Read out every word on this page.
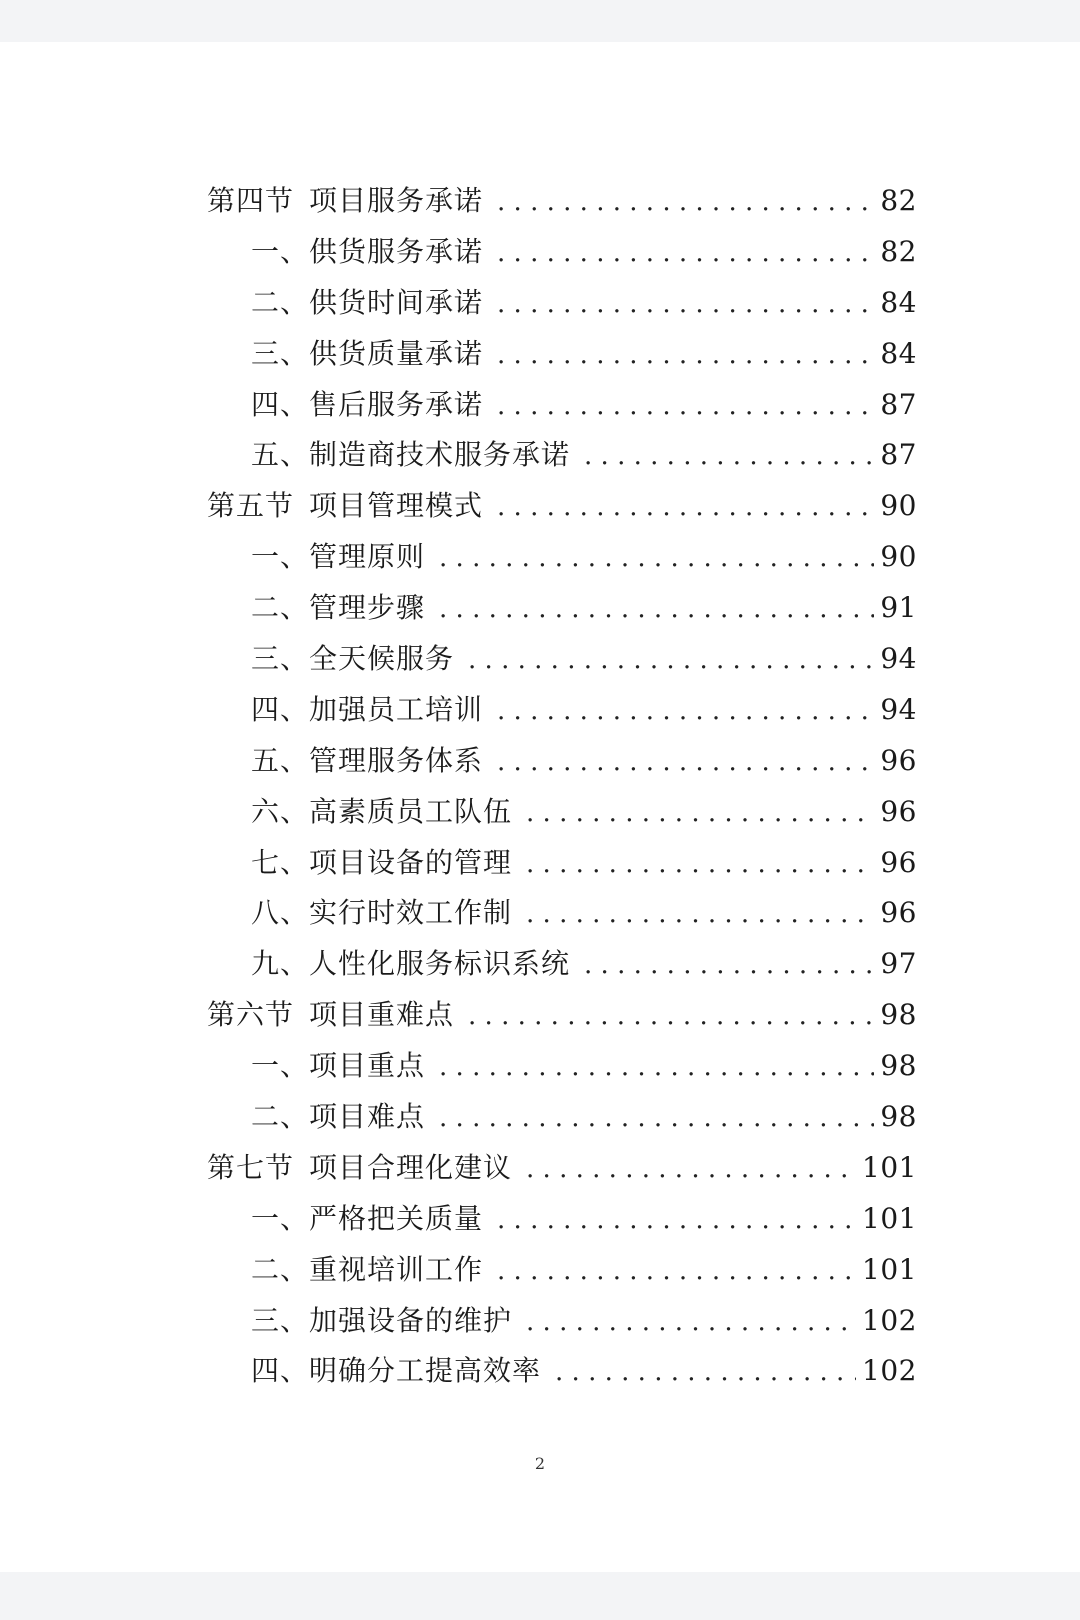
第四节 项目服务承诺 . . .	82
一、供货服务承诺 . . .	82
二、供货时间承诺 . . .	84
三、供货质量承诺 . . .	84
四、售后服务承诺 . . .	87
五、制造商技术服务承诺 . . .	87
第五节 项目管理模式 . . .	90
一、管理原则 . . .	90
二、管理步骤 . . .	91
三、全天候服务 . . .	94
四、加强员工培训 . . .	94
五、管理服务体系 . . .	96
六、高素质员工队伍 . . .	96
七、项目设备的管理 . . .	96
八、实行时效工作制 . . .	96
九、人性化服务标识系统 . . .	97
第六节 项目重难点 . . .	98
一、项目重点 . . .	98
二、项目难点 . . .	98
第七节 项目合理化建议 . . .	101
一、严格把关质量 . . .	101
二、重视培训工作 . . .	101
三、加强设备的维护 . . .	102
四、明确分工提高效率 . . .	102
2
